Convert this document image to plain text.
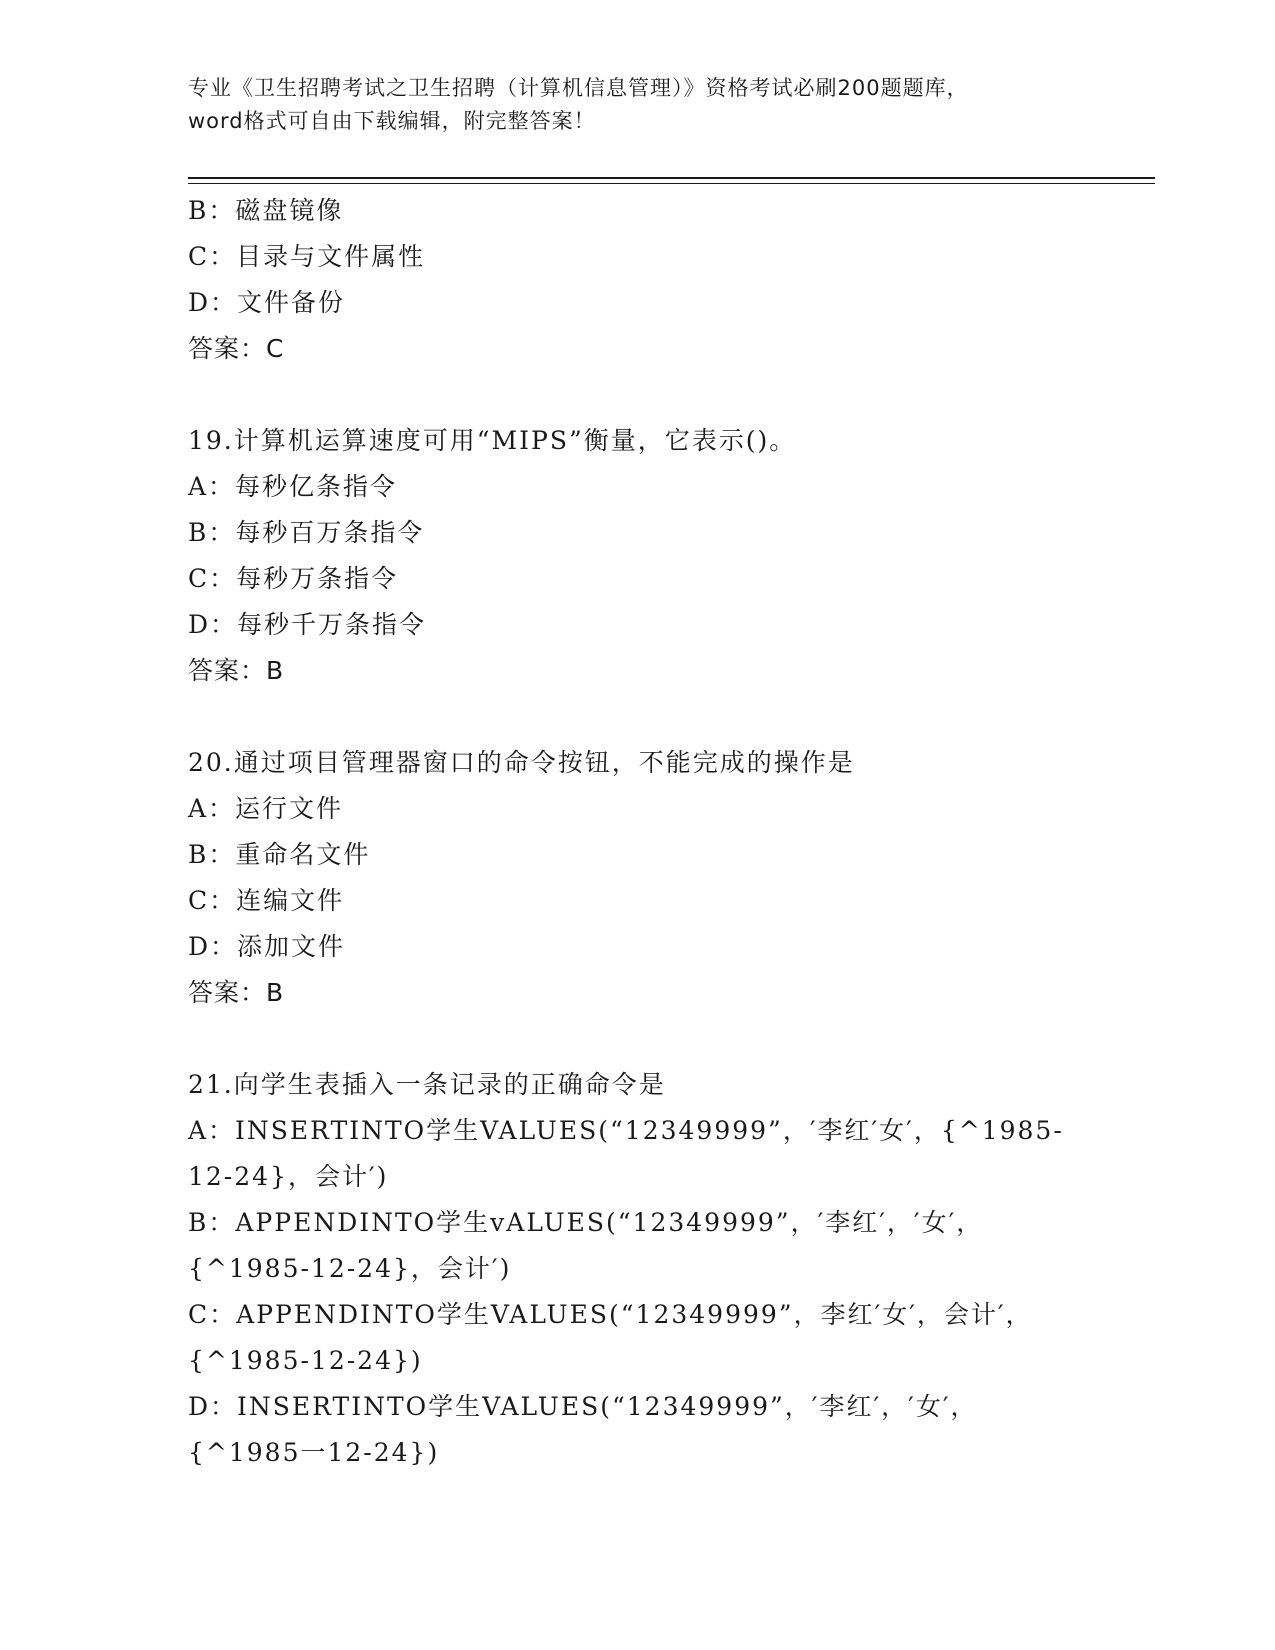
专业《卫生招聘考试之卫生招聘（计算机信息管理）》资格考试必刷200题题库，
word格式可自由下载编辑，附完整答案！
B：磁盘镜像
C：目录与文件属性
D：文件备份
答案：C
19.计算机运算速度可用“MIPS”衡量，它表示()。
A：每秒亿条指令
B：每秒百万条指令
C：每秒万条指令
D：每秒千万条指令
答案：B
20.通过项目管理器窗口的命令按钮，不能完成的操作是
A：运行文件
B：重命名文件
C：连编文件
D：添加文件
答案：B
21.向学生表插入一条记录的正确命令是
A：INSERTINTO学生VALUES(“12349999”，′李红′女′，{^1985-
12-24}，会计′)
B：APPENDINTO学生vALUES(“12349999”，′李红′，′女′，
{^1985-12-24}，会计′)
C：APPENDINTO学生VALUES(“12349999”，李红′女′，会计′，
{^1985-12-24})
D：INSERTINTO学生VALUES(“12349999”，′李红′，′女′，
{^1985一12-24})
